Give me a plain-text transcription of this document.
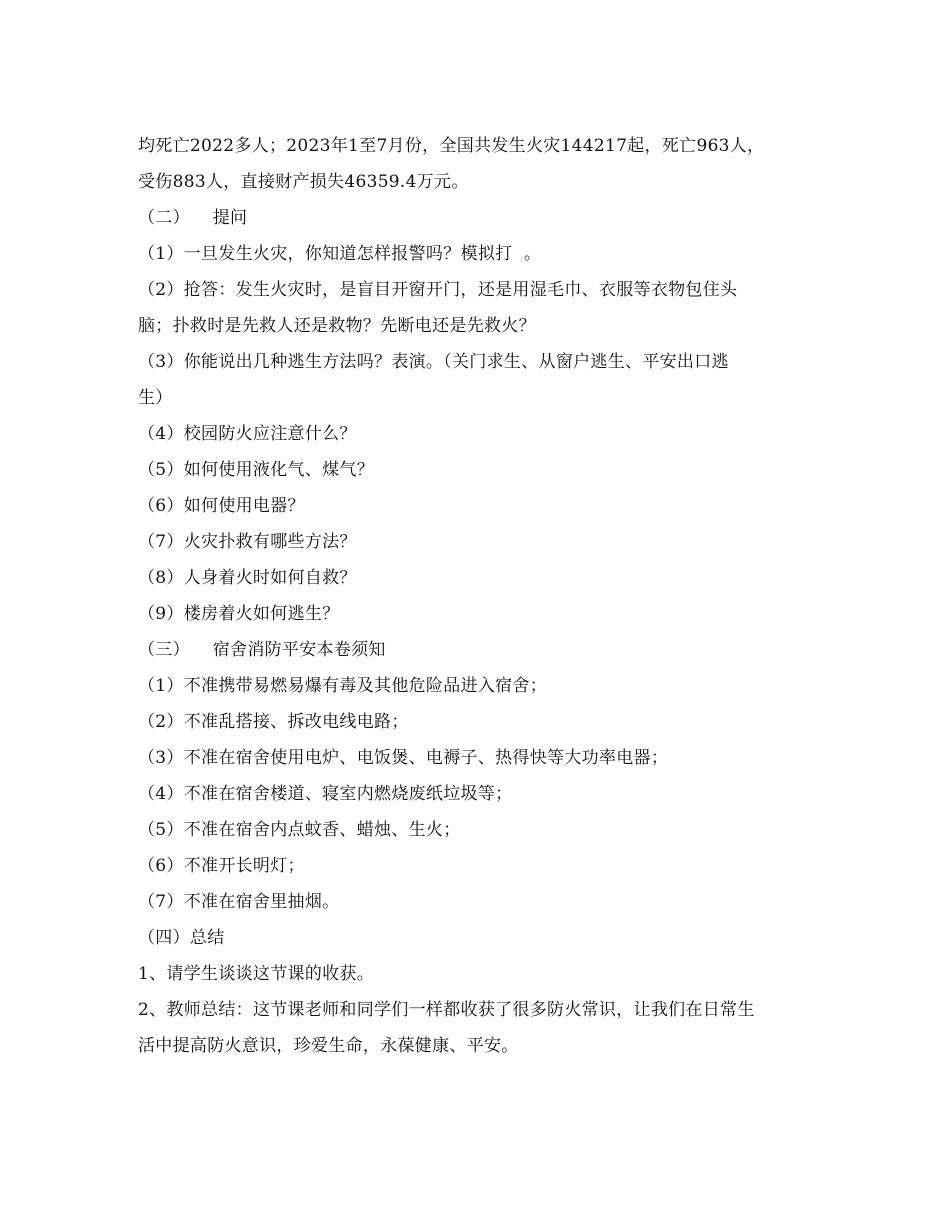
均死亡2022多人；2023年1至7月份，全国共发生火灾144217起，死亡963人，
受伤883人，直接财产损失46359.4万元。
（二）    提问
（1）一旦发生火灾，你知道怎样报警吗？模拟打  。
（2）抢答：发生火灾时，是盲目开窗开门，还是用湿毛巾、衣服等衣物包住头
脑；扑救时是先救人还是救物？先断电还是先救火？
（3）你能说出几种逃生方法吗？表演。（关门求生、从窗户逃生、平安出口逃
生）
（4）校园防火应注意什么？
（5）如何使用液化气、煤气？
（6）如何使用电器？
（7）火灾扑救有哪些方法？
（8）人身着火时如何自救？
（9）楼房着火如何逃生？
（三）    宿舍消防平安本卷须知
（1）不准携带易燃易爆有毒及其他危险品进入宿舍；
（2）不准乱搭接、拆改电线电路；
（3）不准在宿舍使用电炉、电饭煲、电褥子、热得快等大功率电器；
（4）不准在宿舍楼道、寝室内燃烧废纸垃圾等；
（5）不准在宿舍内点蚊香、蜡烛、生火；
（6）不准开长明灯；
（7）不准在宿舍里抽烟。
（四）总结
1、请学生谈谈这节课的收获。
2、教师总结：这节课老师和同学们一样都收获了很多防火常识，让我们在日常生
活中提高防火意识，珍爱生命，永葆健康、平安。
